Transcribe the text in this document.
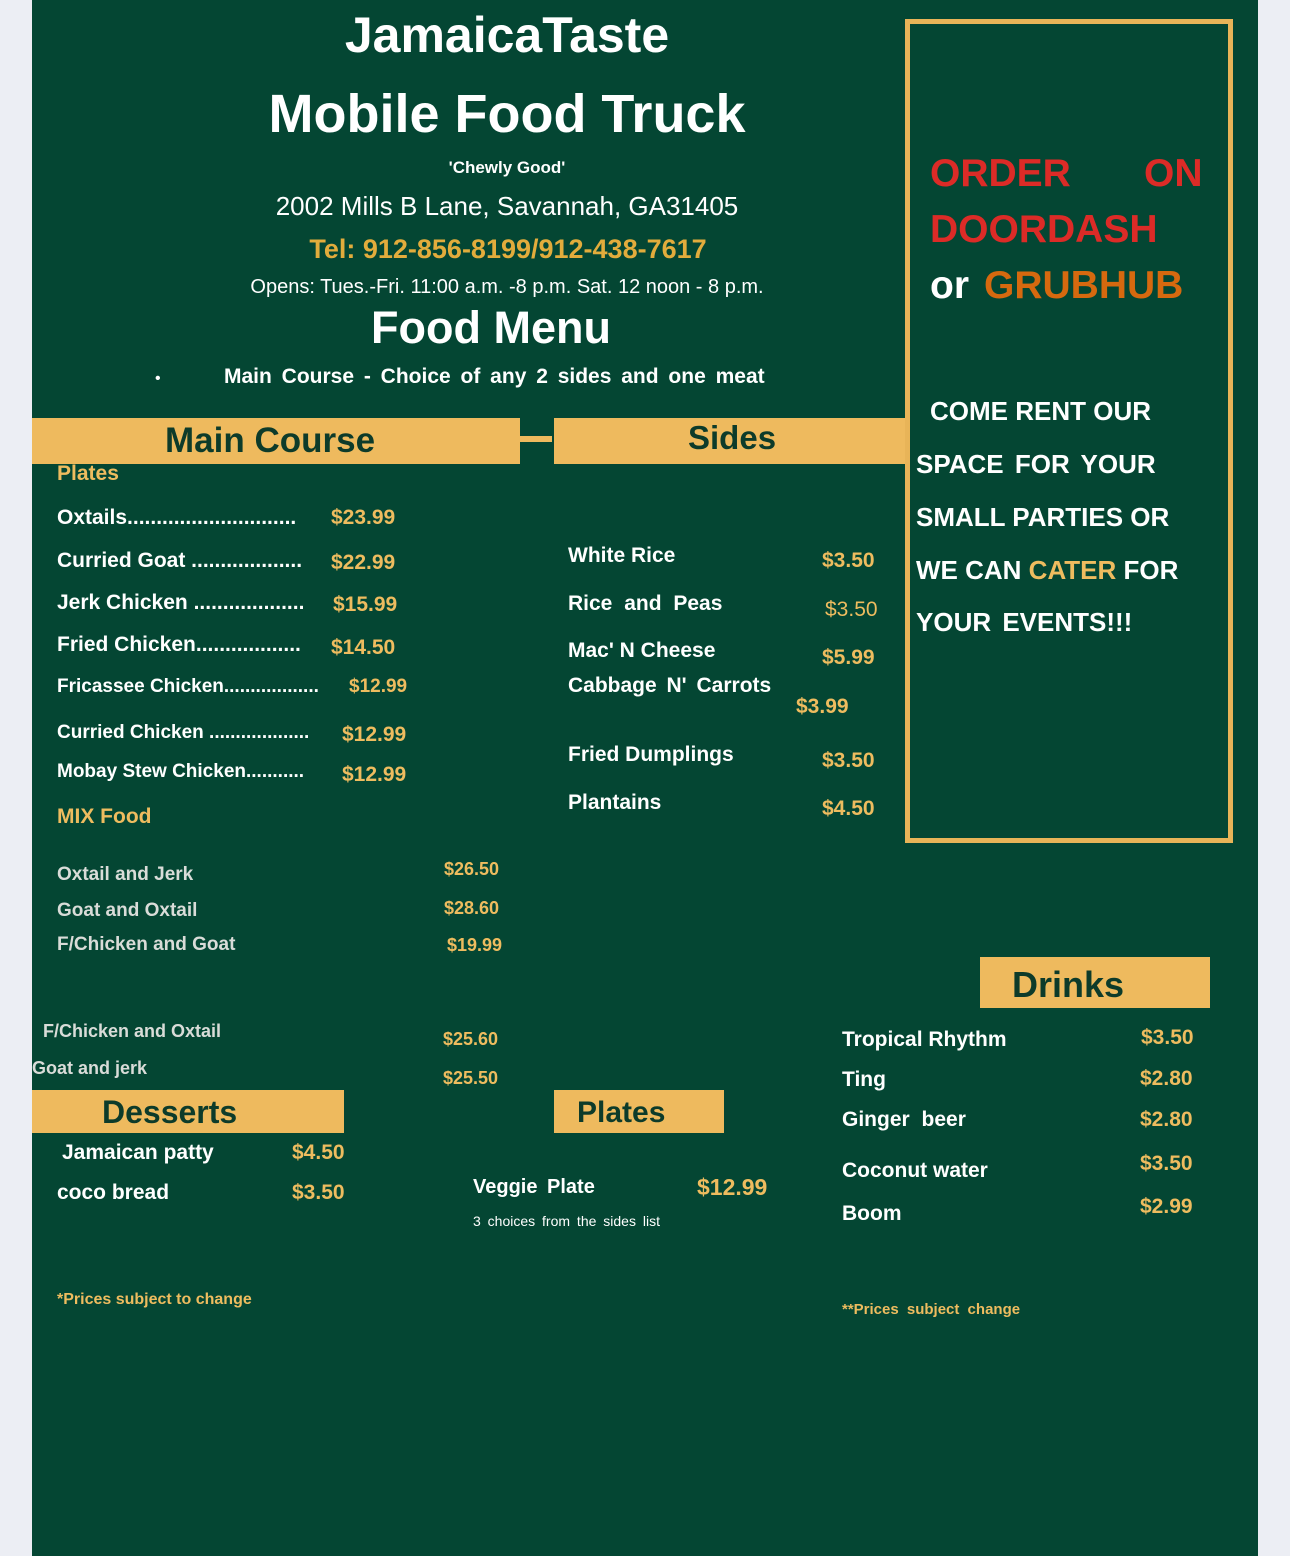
JamaicaTaste
Mobile Food Truck
'Chewly Good'
2002 Mills B Lane, Savannah, GA31405
Tel: 912-856-8199/912-438-7617
Opens: Tues.-Fri. 11:00 a.m. -8 p.m. Sat. 12 noon - 8 p.m.
Food Menu
•	Main Course - Choice of any 2 sides and one meat
Main Course	Sides
Plates
Oxtails............................. $23.99
Curried Goat ................... $22.99
Jerk Chicken ................... $15.99
Fried Chicken.................. $14.50
Fricassee Chicken.................. $12.99
Curried Chicken ................... $12.99
Mobay Stew Chicken........... $12.99
MIX Food
Oxtail and Jerk	$26.50
Goat and Oxtail	$28.60
F/Chicken and Goat	$19.99
F/Chicken and Oxtail	$25.60
Goat and jerk	$25.50
White Rice	$3.50
Rice and Peas	$3.50
Mac' N Cheese	$5.99
Cabbage N' Carrots
$3.99
Fried Dumplings	$3.50
Plantains	$4.50
ORDER ON
DOORDASH
or GRUBHUB
COME RENT OUR
SPACE FOR YOUR
SMALL PARTIES OR
WE CAN CATER FOR
YOUR EVENTS!!!
Drinks
Tropical Rhythm	$3.50
Ting	$2.80
Ginger beer	$2.80
Coconut water	$3.50
Boom	$2.99
Desserts
Jamaican patty	$4.50
coco bread	$3.50
Plates
Veggie Plate	$12.99
3 choices from the sides list
*Prices subject to change
**Prices subject change
